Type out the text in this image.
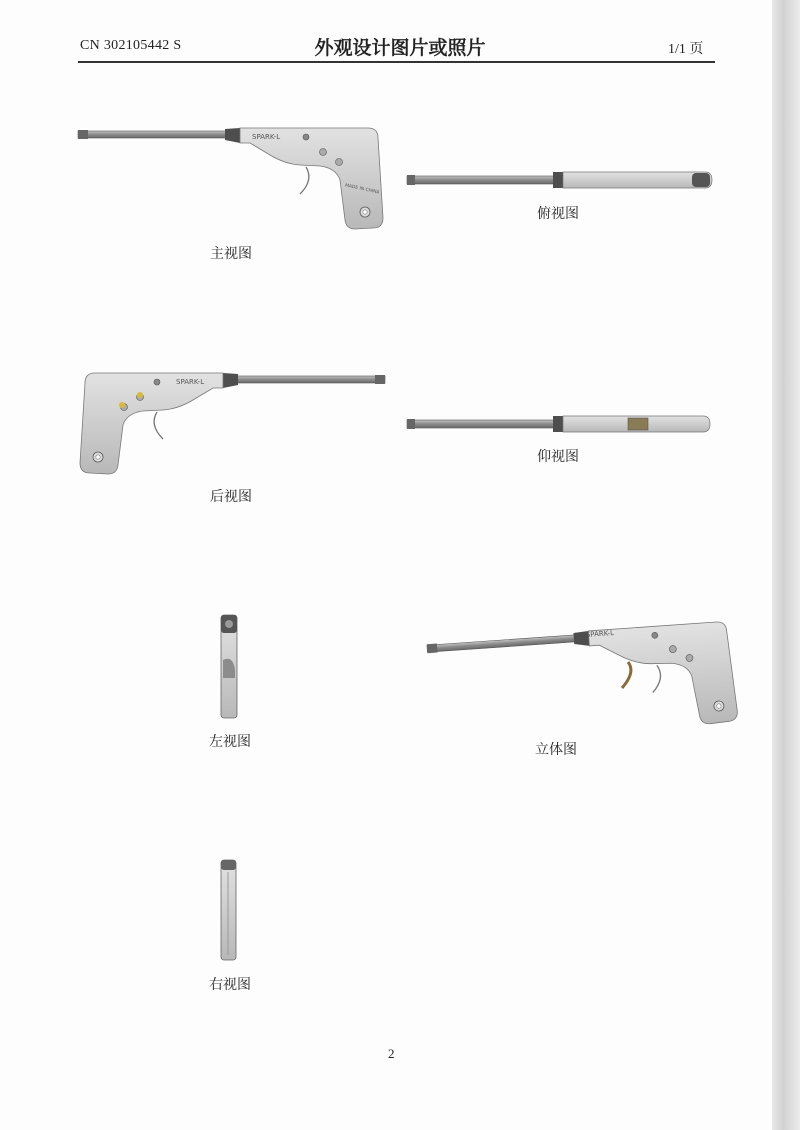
CN 302105442 S	外观设计图片或照片	1/1 页
SPARK-L
MADE IN CHINA
SPARK-L
SPARK-L
主视图
俯视图
后视图
仰视图
左视图	立体图
右视图
2
